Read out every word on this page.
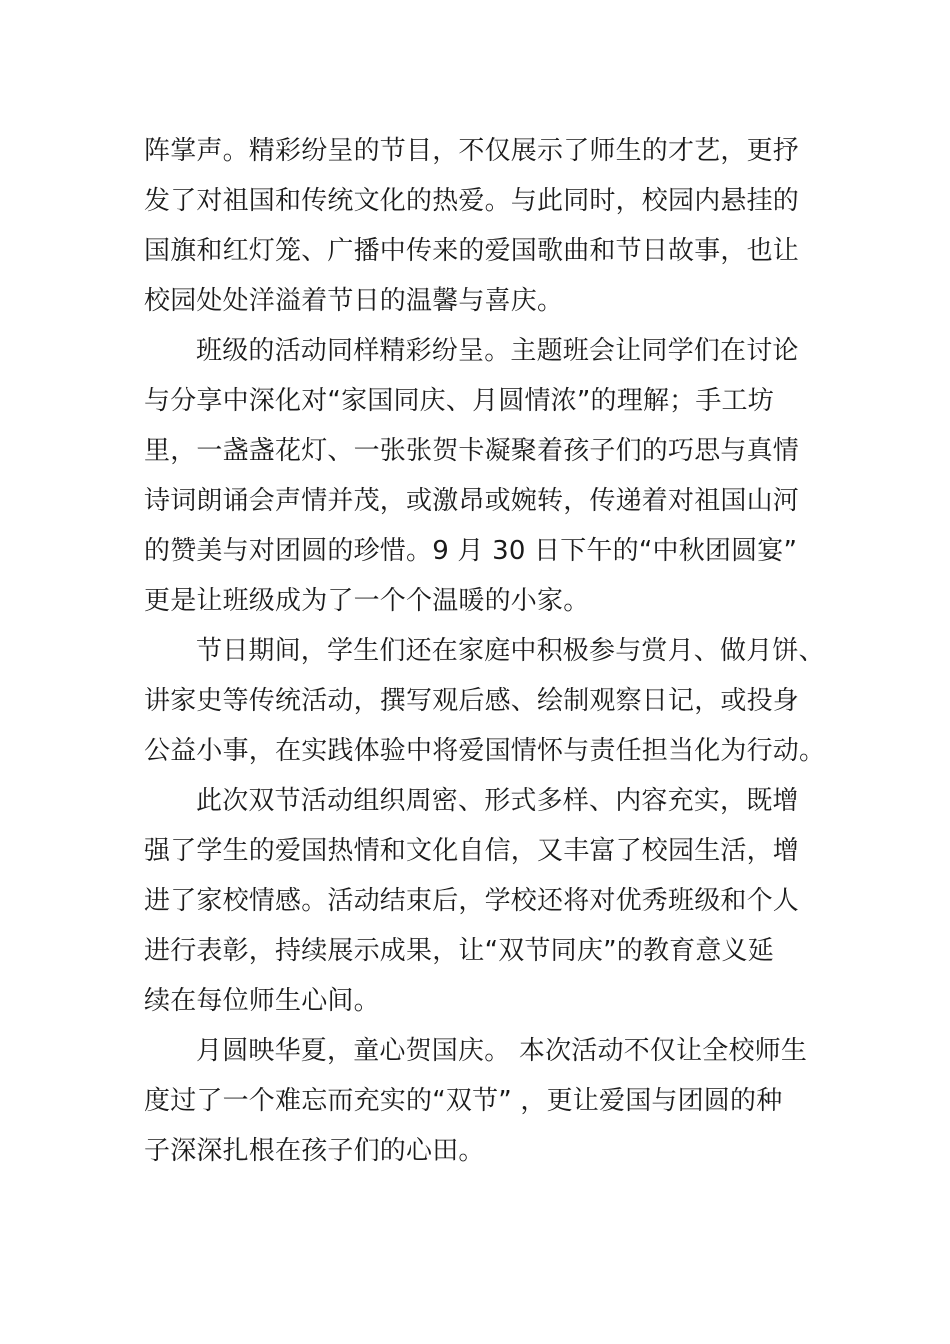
阵掌声。精彩纷呈的节目，不仅展示了师生的才艺，更抒
发了对祖国和传统文化的热爱。与此同时，校园内悬挂的
国旗和红灯笼、广播中传来的爱国歌曲和节日故事，也让
校园处处洋溢着节日的温馨与喜庆。
班级的活动同样精彩纷呈。主题班会让同学们在讨论
与分享中深化对“家国同庆、月圆情浓”的理解；手工坊
里，一盏盏花灯、一张张贺卡凝聚着孩子们的巧思与真情
诗词朗诵会声情并茂，或激昂或婉转，传递着对祖国山河
的赞美与对团圆的珍惜。9 月 30 日下午的“中秋团圆宴”
更是让班级成为了一个个温暖的小家。
节日期间，学生们还在家庭中积极参与赏月、做月饼、
讲家史等传统活动，撰写观后感、绘制观察日记，或投身
公益小事，在实践体验中将爱国情怀与责任担当化为行动。
此次双节活动组织周密、形式多样、内容充实，既增
强了学生的爱国热情和文化自信，又丰富了校园生活，增
进了家校情感。活动结束后，学校还将对优秀班级和个人
进行表彰，持续展示成果，让“双节同庆”的教育意义延
续在每位师生心间。
月圆映华夏，童心贺国庆。 本次活动不仅让全校师生
度过了一个难忘而充实的“双节” ，更让爱国与团圆的种
子深深扎根在孩子们的心田。
